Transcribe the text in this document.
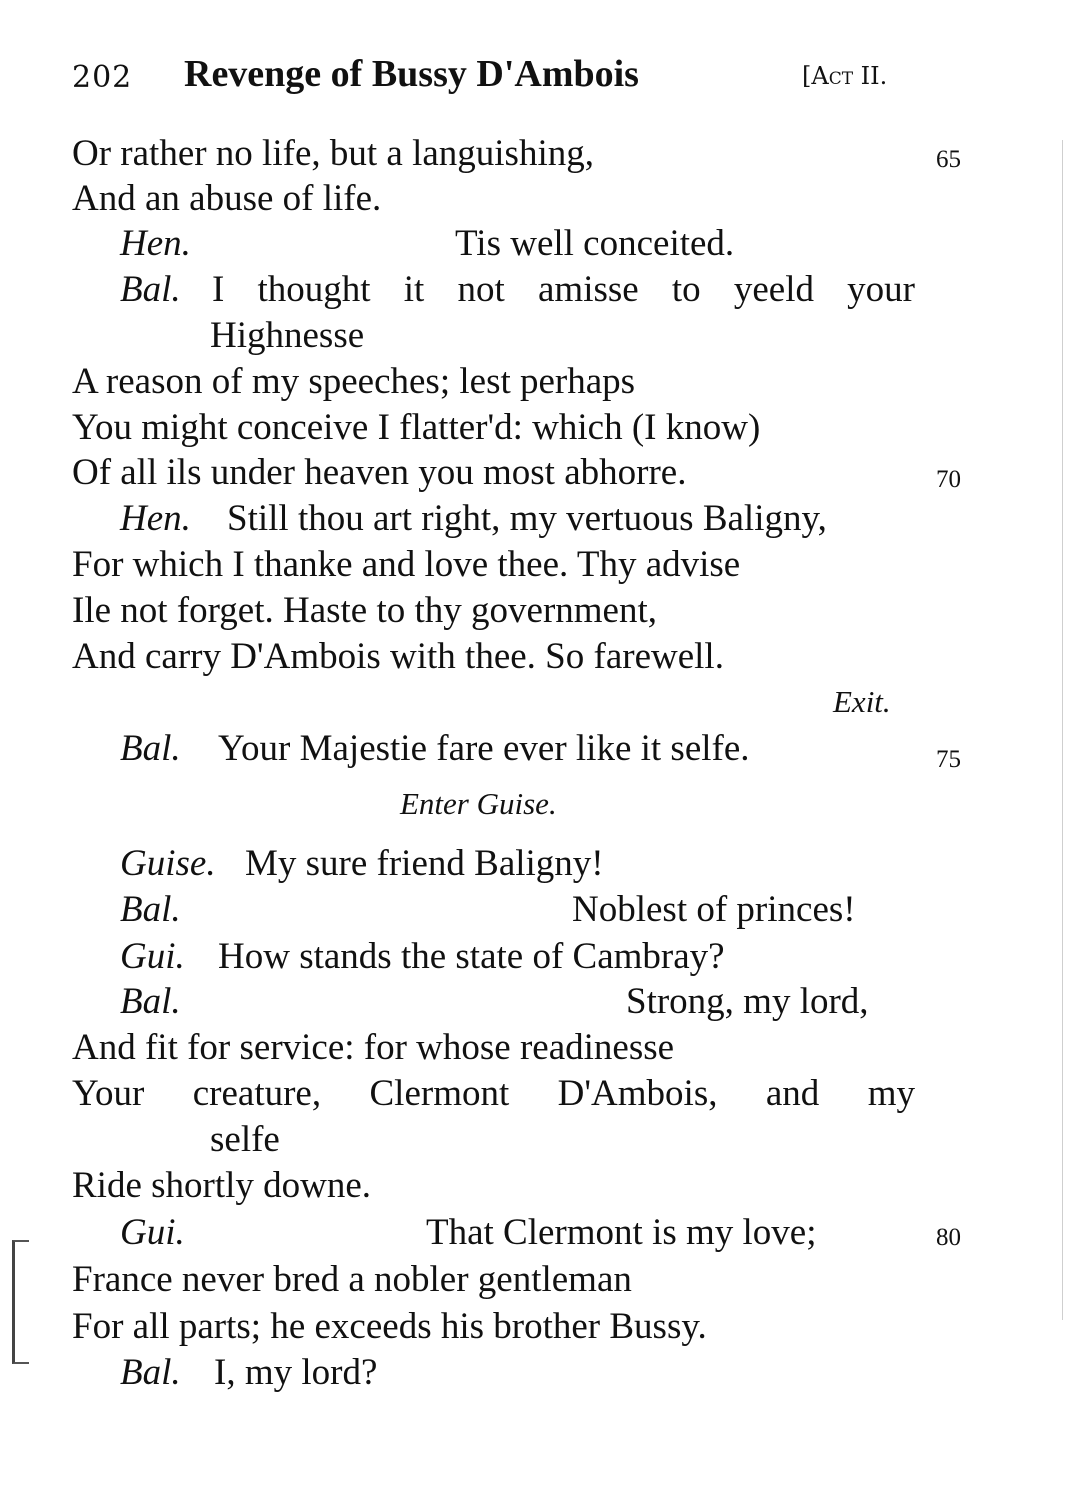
202 Revenge of Bussy D'Ambois	[Act II.
Or rather no life, but a languishing,	65
And an abuse of life.
Hen.	Tis well conceited.
Bal. I thought it not amisse to yeeld your
Highnesse
A reason of my speeches; lest perhaps
You might conceive I flatter'd: which (I know)
Of all ils under heaven you most abhorre.	70
Hen. Still thou art right, my vertuous Baligny,
For which I thanke and love thee. Thy advise
Ile not forget. Haste to thy government,
And carry D'Ambois with thee. So farewell.
Exit.
Bal. Your Majestie fare ever like it selfe.	75
Enter Guise.
Guise. My sure friend Baligny!
Bal.	Noblest of princes!
Gui. How stands the state of Cambray?
Bal.	Strong, my lord,
And fit for service: for whose readinesse
Your creature, Clermont D'Ambois, and my
selfe
Ride shortly downe.
Gui.	That Clermont is my love;	80
France never bred a nobler gentleman
For all parts; he exceeds his brother Bussy.
Bal. I, my lord?
